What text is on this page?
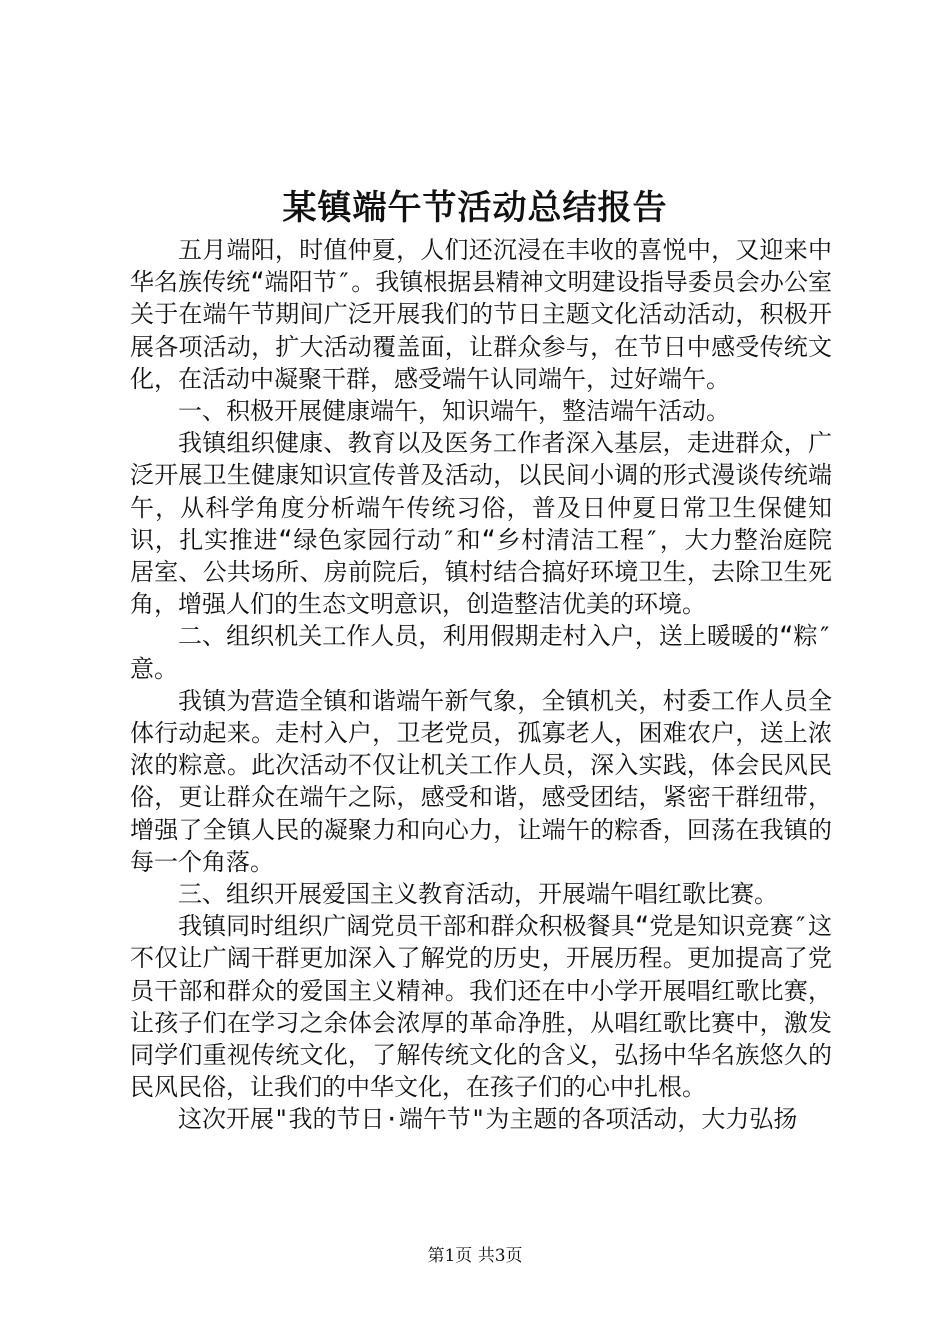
某镇端午节活动总结报告

五月端阳，时值仲夏，人们还沉浸在丰收的喜悦中，又迎来中华名族传统“端阳节″。我镇根据县精神文明建设指导委员会办公室关于在端午节期间广泛开展我们的节日主题文化活动活动，积极开展各项活动，扩大活动覆盖面，让群众参与，在节日中感受传统文化，在活动中凝聚干群，感受端午认同端午，过好端午。

一、积极开展健康端午，知识端午，整洁端午活动。

我镇组织健康、教育以及医务工作者深入基层，走进群众，广泛开展卫生健康知识宣传普及活动，以民间小调的形式漫谈传统端午，从科学角度分析端午传统习俗，普及日仲夏日常卫生保健知识，扎实推进“绿色家园行动″和“乡村清洁工程″，大力整治庭院居室、公共场所、房前院后，镇村结合搞好环境卫生，去除卫生死角，增强人们的生态文明意识，创造整洁优美的环境。

二、组织机关工作人员，利用假期走村入户，送上暖暖的“粽″意。

我镇为营造全镇和谐端午新气象，全镇机关，村委工作人员全体行动起来。走村入户，卫老党员，孤寡老人，困难农户，送上浓浓的粽意。此次活动不仅让机关工作人员，深入实践，体会民风民俗，更让群众在端午之际，感受和谐，感受团结，紧密干群纽带，增强了全镇人民的凝聚力和向心力，让端午的粽香，回荡在我镇的每一个角落。

三、组织开展爱国主义教育活动，开展端午唱红歌比赛。

我镇同时组织广阔党员干部和群众积极餐具“党是知识竞赛″这不仅让广阔干群更加深入了解党的历史，开展历程。更加提高了党员干部和群众的爱国主义精神。我们还在中小学开展唱红歌比赛，让孩子们在学习之余体会浓厚的革命净胜，从唱红歌比赛中，激发同学们重视传统文化，了解传统文化的含义，弘扬中华名族悠久的民风民俗，让我们的中华文化，在孩子们的心中扎根。

这次开展"我的节日·端午节"为主题的各项活动，大力弘扬

第1页 共3页
